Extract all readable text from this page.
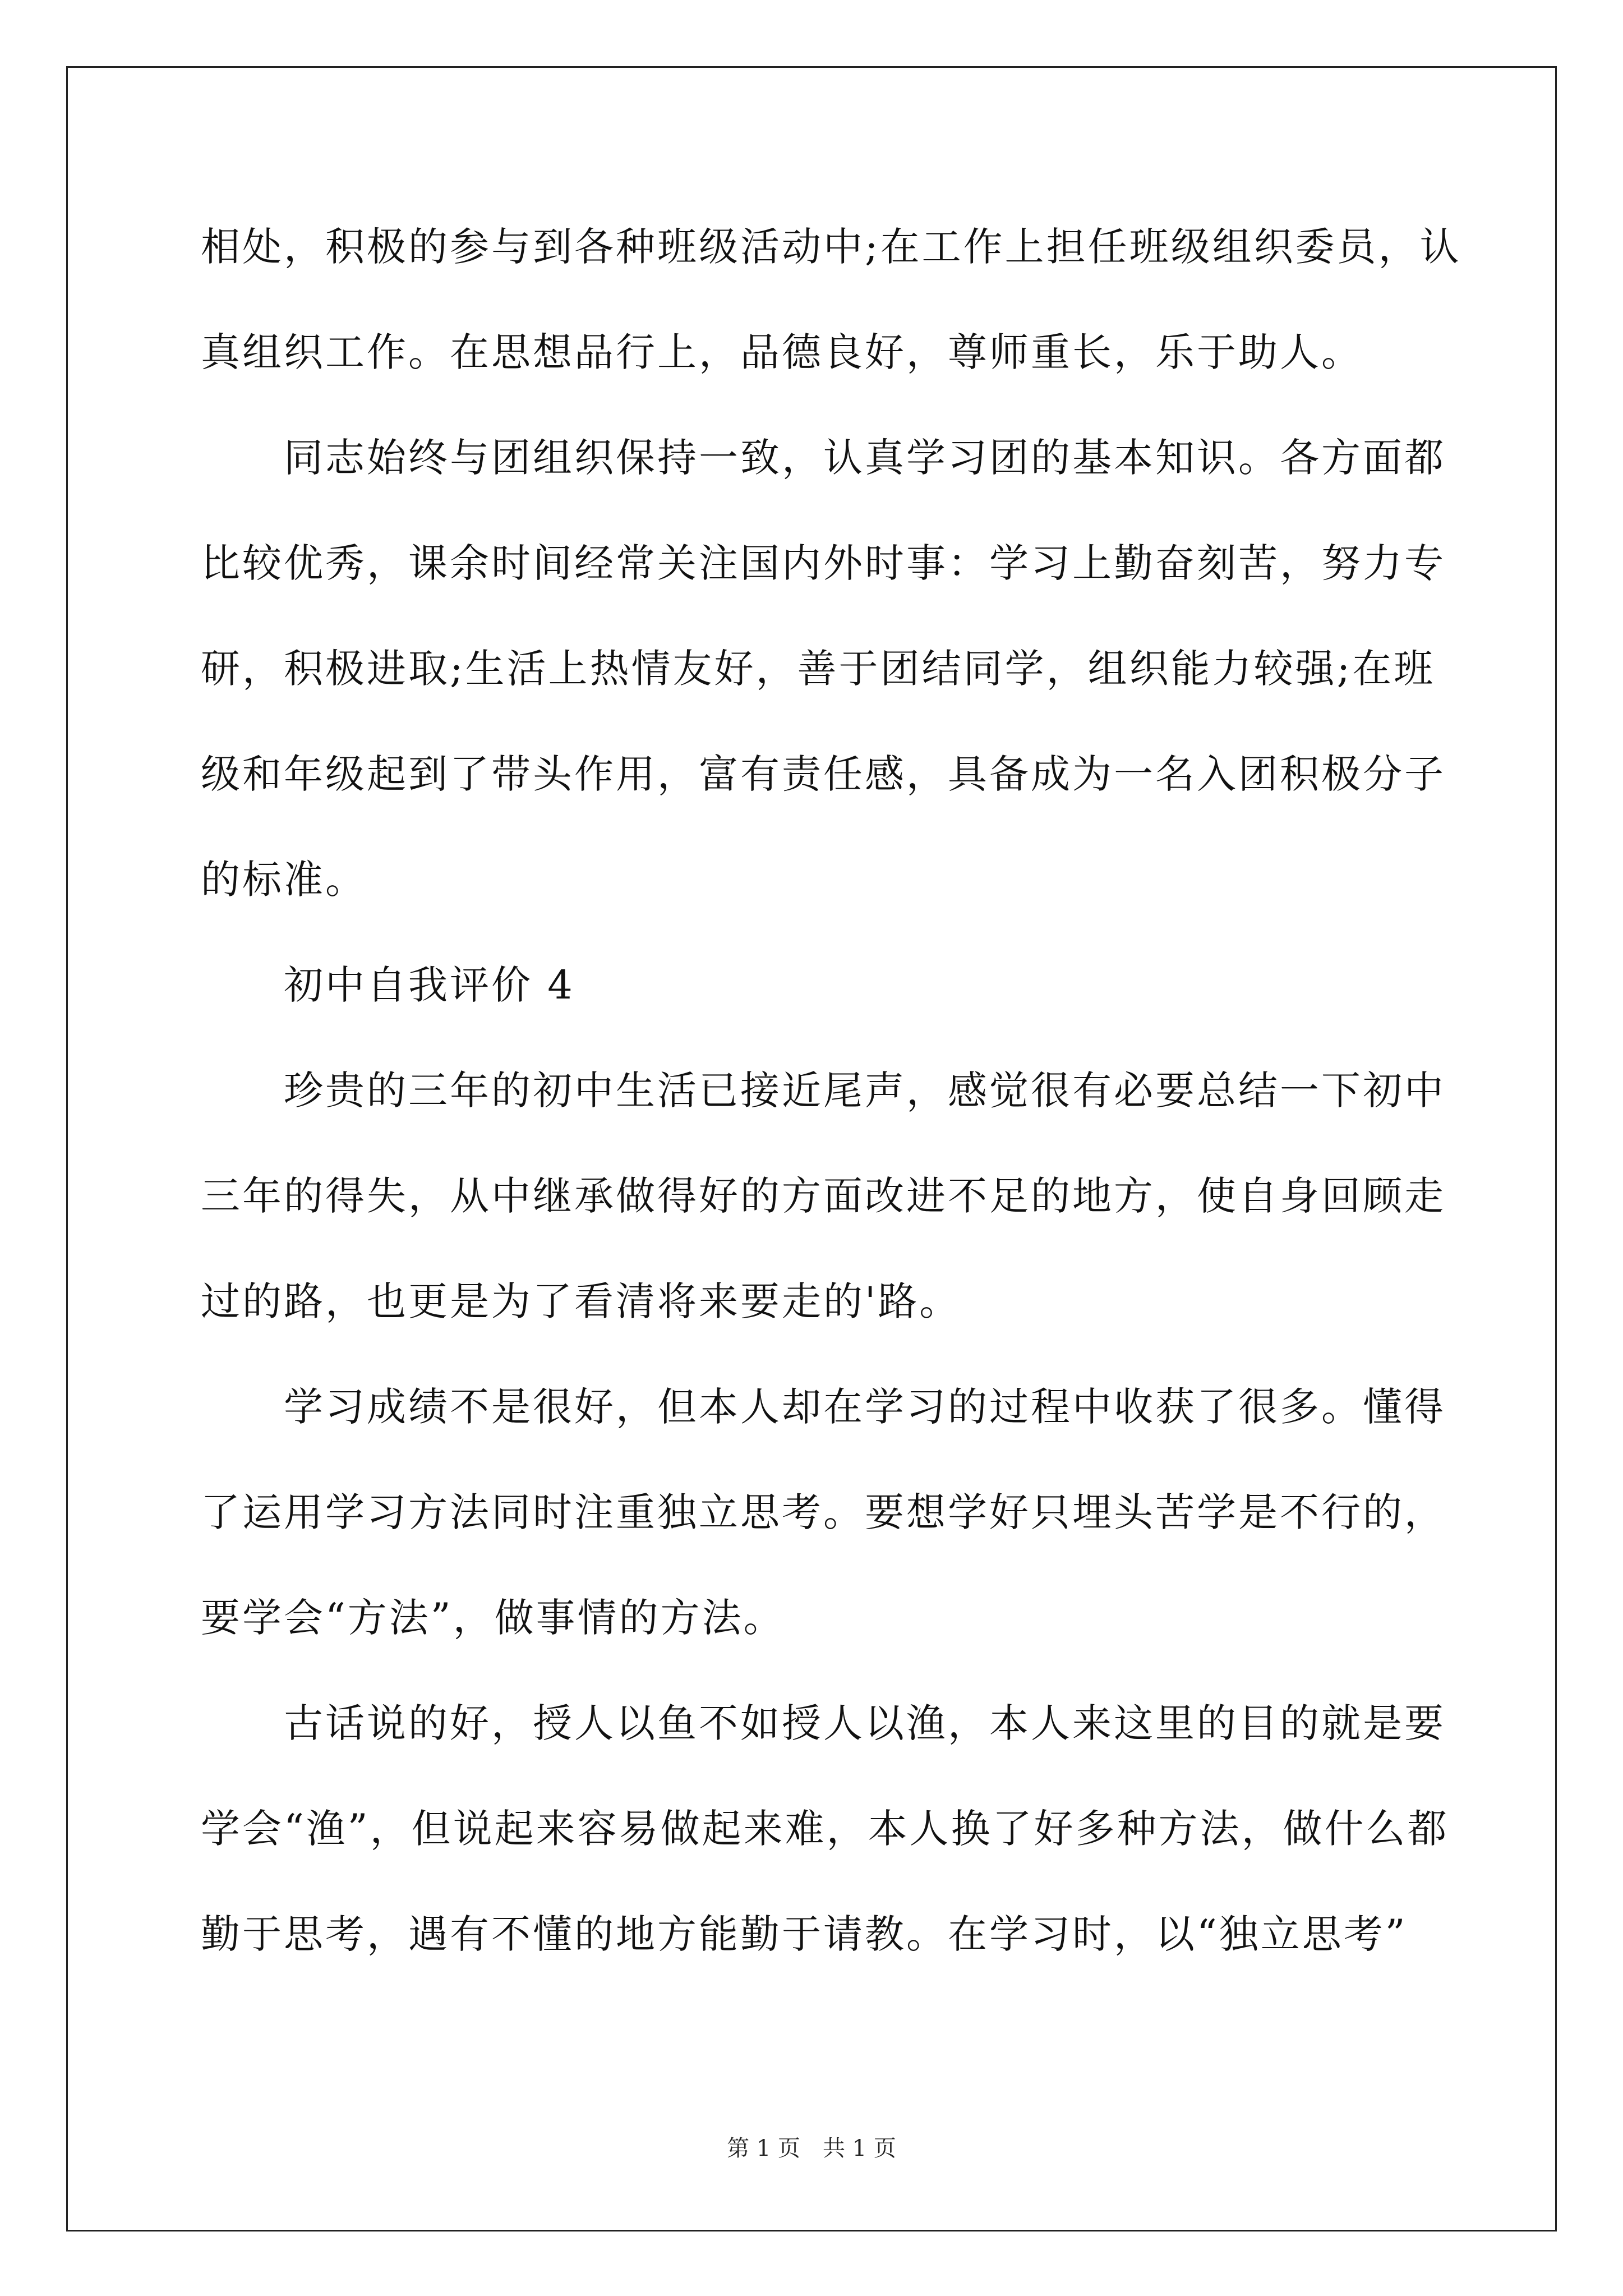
相处，积极的参与到各种班级活动中;在工作上担任班级组织委员，认
真组织工作。在思想品行上，品德良好，尊师重长，乐于助人。
同志始终与团组织保持一致，认真学习团的基本知识。各方面都
比较优秀，课余时间经常关注国内外时事：学习上勤奋刻苦，努力专
研，积极进取;生活上热情友好，善于团结同学，组织能力较强;在班
级和年级起到了带头作用，富有责任感，具备成为一名入团积极分子
的标准。
初中自我评价 4
珍贵的三年的初中生活已接近尾声，感觉很有必要总结一下初中
三年的得失，从中继承做得好的方面改进不足的地方，使自身回顾走
过的路，也更是为了看清将来要走的'路。
学习成绩不是很好，但本人却在学习的过程中收获了很多。懂得
了运用学习方法同时注重独立思考。要想学好只埋头苦学是不行的，
要学会“方法”，做事情的方法。
古话说的好，授人以鱼不如授人以渔，本人来这里的目的就是要
学会“渔”，但说起来容易做起来难，本人换了好多种方法，做什么都
勤于思考，遇有不懂的地方能勤于请教。在学习时，以“独立思考”
第 1 页　共 1 页
